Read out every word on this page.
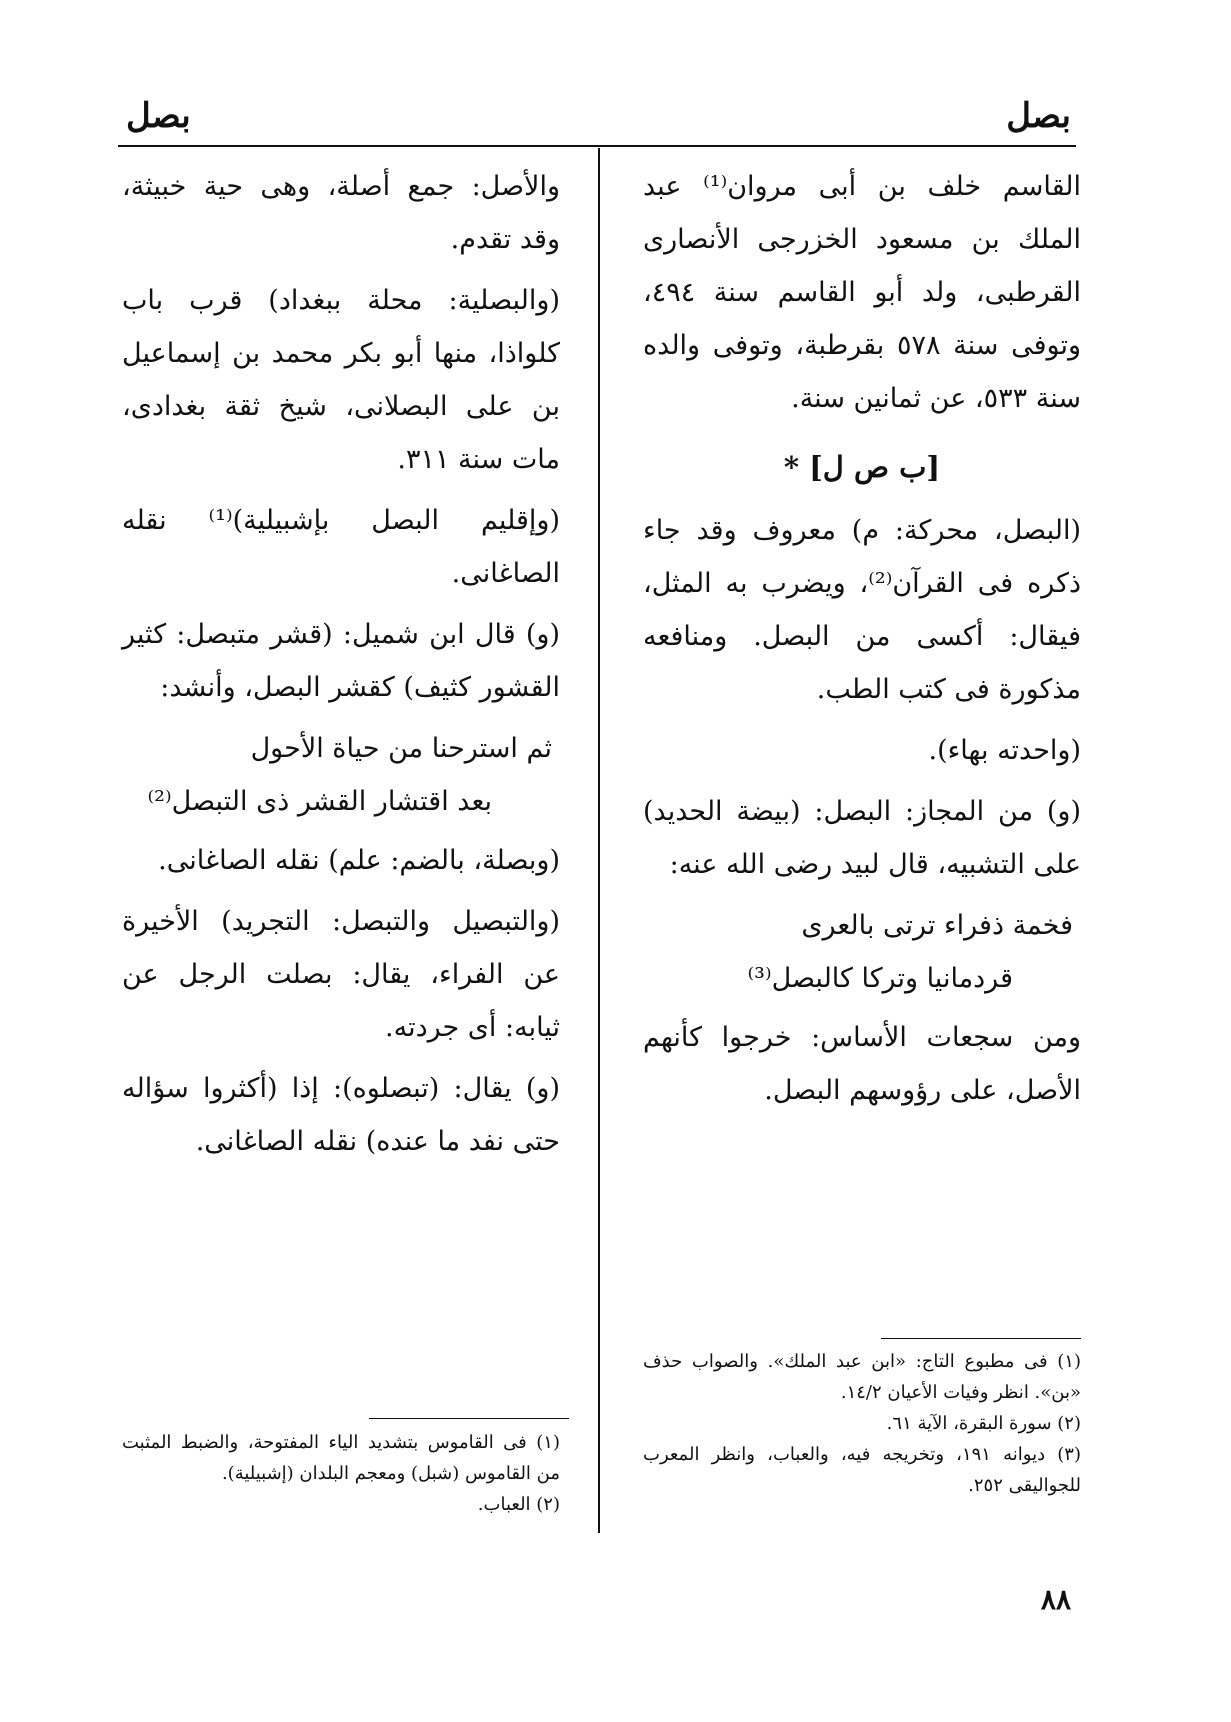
بصل
بصل

القاسم خلف بن أبى مروان⁽¹⁾ عبد الملك بن مسعود الخزرجى الأنصارى القرطبى، ولد أبو القاسم سنة ٤٩٤، وتوفى سنة ٥٧٨ بقرطبة، وتوفى والده سنة ٥٣٣، عن ثمانين سنة.

[ب ص ل] *

(البصل، محركة: م) معروف وقد جاء ذكره فى القرآن⁽²⁾، ويضرب به المثل، فيقال: أكسى من البصل. ومنافعه مذكورة فى كتب الطب.

(واحدته بهاء).

(و) من المجاز: البصل: (بيضة الحديد) على التشبيه، قال لبيد رضى الله عنه:

فخمة ذفراء ترتى بالعرى
قردمانيا وتركا كالبصل⁽³⁾

ومن سجعات الأساس: خرجوا كأنهم الأصل، على رؤوسهم البصل.

والأصل: جمع أصلة، وهى حية خبيثة، وقد تقدم.

(والبصلية: محلة ببغداد) قرب باب كلواذا، منها أبو بكر محمد بن إسماعيل بن على البصلانى، شيخ ثقة بغدادى، مات سنة ٣١١.

(وإقليم البصل بإشبيلية)⁽¹⁾ نقله الصاغانى.

(و) قال ابن شميل: (قشر متبصل: كثير القشور كثيف) كقشر البصل، وأنشد:

ثم استرحنا من حياة الأحول
بعد اقتشار القشر ذى التبصل⁽²⁾

(وبصلة، بالضم: علم) نقله الصاغانى.

(والتبصيل والتبصل: التجريد) الأخيرة عن الفراء، يقال: بصلت الرجل عن ثيابه: أى جردته.

(و) يقال: (تبصلوه): إذا (أكثروا سؤاله حتى نفد ما عنده) نقله الصاغانى.

(١) فى مطبوع التاج: «ابن عبد الملك». والصواب حذف «بن». انظر وفيات الأعيان ١٤/٢.

(٢) سورة البقرة، الآية ٦١.

(٣) ديوانه ١٩١، وتخريجه فيه، والعباب، وانظر المعرب للجواليقى ٢٥٢.

(١) فى القاموس بتشديد الياء المفتوحة، والضبط المثبت من القاموس (شبل) ومعجم البلدان (إشبيلية).

(٢) العباب.

٨٨
